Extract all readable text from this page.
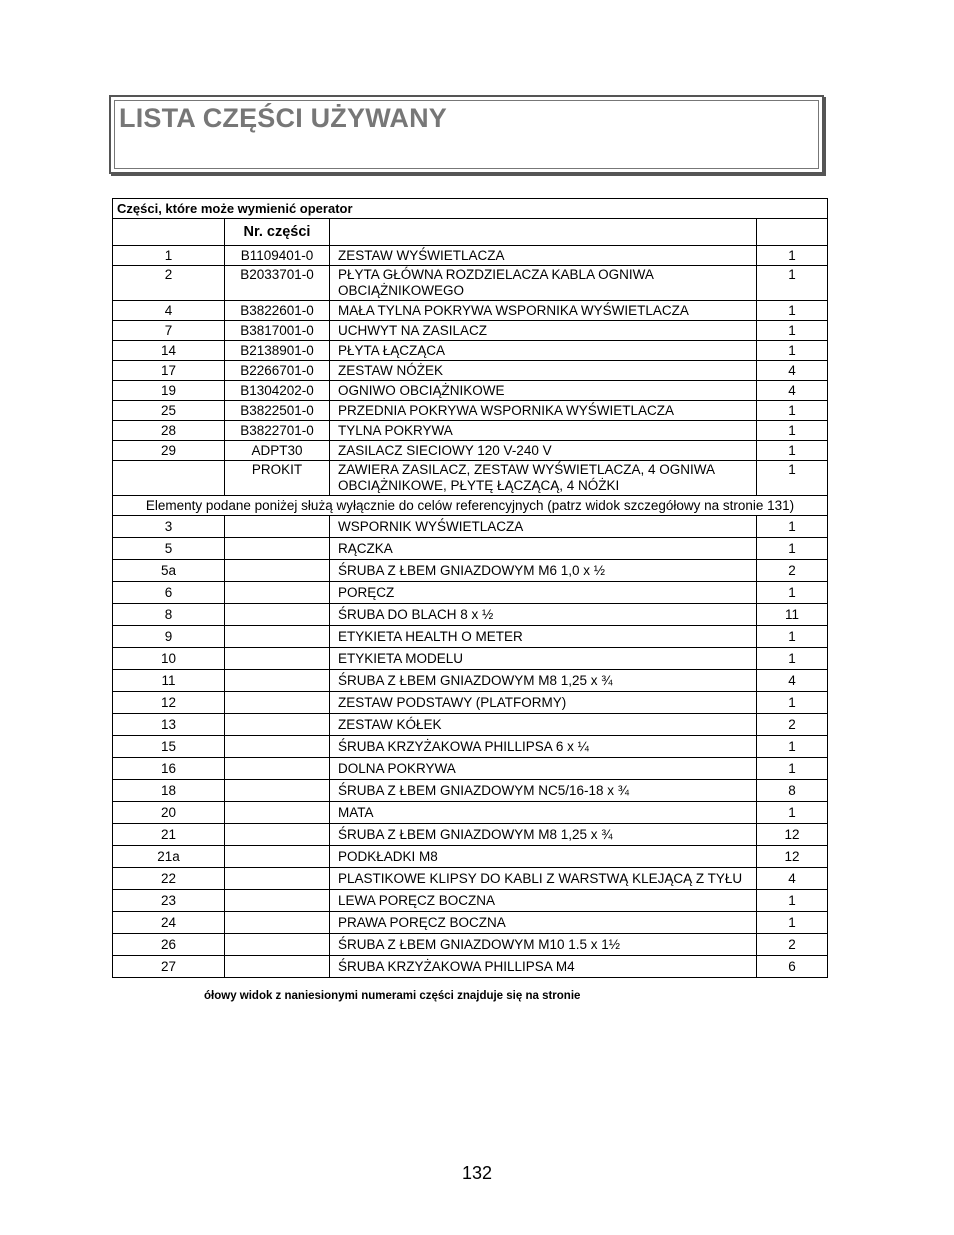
LISTA CZĘŚCI UŻYWANY
Części, które może wymienić operator			
	Nr. części		
1	B1109401-0	ZESTAW WYŚWIETLACZA	1
2	B2033701-0	PŁYTA GŁÓWNA ROZDZIELACZA KABLA OGNIWA OBCIĄŻNIKOWEGO	1
4	B3822601-0	MAŁA TYLNA POKRYWA WSPORNIKA WYŚWIETLACZA	1
7	B3817001-0	UCHWYT NA ZASILACZ	1
14	B2138901-0	PŁYTA ŁĄCZĄCA	1
17	B2266701-0	ZESTAW NÓŻEK	4
19	B1304202-0	OGNIWO OBCIĄŻNIKOWE	4
25	B3822501-0	PRZEDNIA POKRYWA WSPORNIKA WYŚWIETLACZA	1
28	B3822701-0	TYLNA POKRYWA	1
29	ADPT30	ZASILACZ SIECIOWY 120 V-240 V	1
	PROKIT	ZAWIERA ZASILACZ, ZESTAW WYŚWIETLACZA, 4 OGNIWA OBCIĄŻNIKOWE, PŁYTĘ ŁĄCZĄCĄ, 4 NÓŻKI	1
Elementy podane poniżej służą wyłącznie do celów referencyjnych (patrz widok szczegółowy na stronie 131)			
3		WSPORNIK WYŚWIETLACZA	1
5		RĄCZKA	1
5a		ŚRUBA Z ŁBEM GNIAZDOWYM M6 1,0 x ½	2
6		PORĘCZ	1
8		ŚRUBA DO BLACH 8 x ½	11
9		ETYKIETA HEALTH O METER	1
10		ETYKIETA MODELU	1
11		ŚRUBA Z ŁBEM GNIAZDOWYM M8 1,25 x ¾	4
12		ZESTAW PODSTAWY (PLATFORMY)	1
13		ZESTAW KÓŁEK	2
15		ŚRUBA KRZYŻAKOWA PHILLIPSA 6 x ¼	1
16		DOLNA POKRYWA	1
18		ŚRUBA Z ŁBEM GNIAZDOWYM NC5/16-18 x ¾	8
20		MATA	1
21		ŚRUBA Z ŁBEM GNIAZDOWYM M8 1,25 x ¾	12
21a		PODKŁADKI M8	12
22		PLASTIKOWE KLIPSY DO KABLI Z WARSTWĄ KLEJĄCĄ Z TYŁU	4
23		LEWA PORĘCZ BOCZNA	1
24		PRAWA PORĘCZ BOCZNA	1
26		ŚRUBA Z ŁBEM GNIAZDOWYM M10 1.5 x 1½	2
27		ŚRUBA KRZYŻAKOWA PHILLIPSA M4	6
ółowy widok z naniesionymi numerami części znajduje się na stronie
132
